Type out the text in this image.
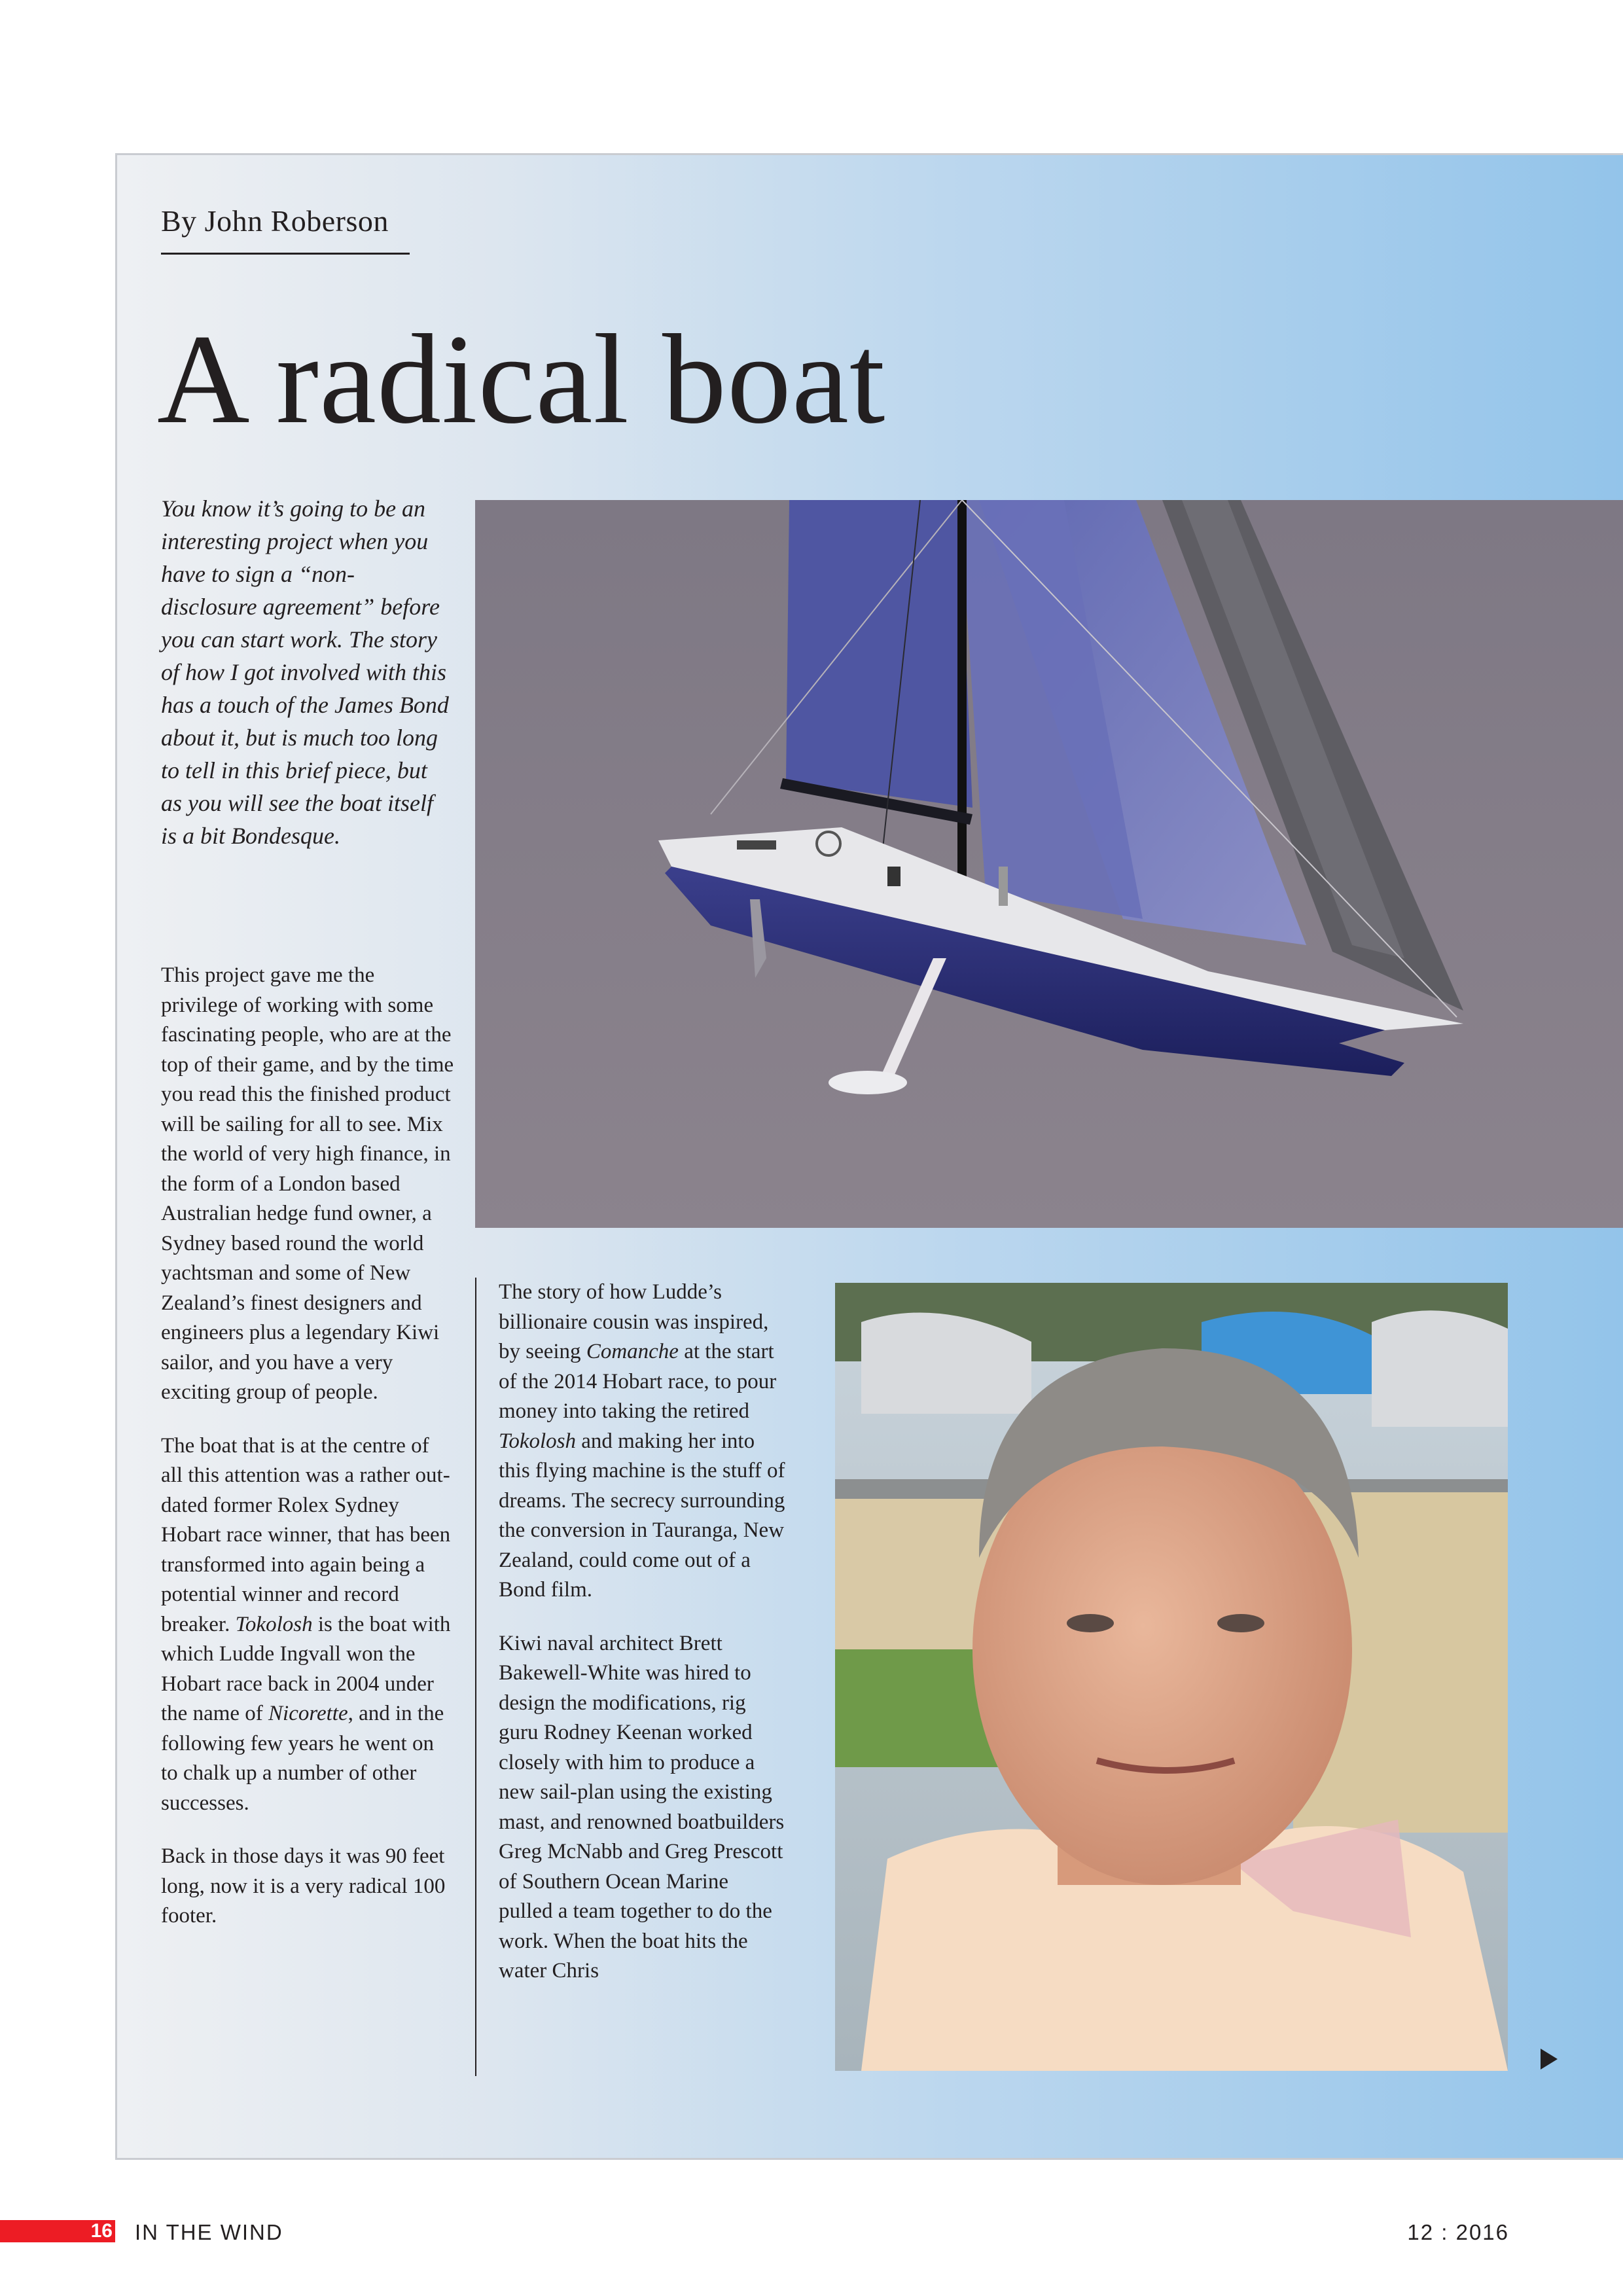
By John Roberson
A radical boat

You know it’s going to be an interesting project when you have to sign a “non-disclosure agreement” before you can start work. The story of how I got involved with this has a touch of the James Bond about it, but is much too long to tell in this brief piece, but as you will see the boat itself is a bit Bondesque.

This project gave me the privilege of working with some fascinating people, who are at the top of their game, and by the time you read this the finished product will be sailing for all to see. Mix the world of very high finance, in the form of a London based Australian hedge fund owner, a Sydney based round the world yachtsman and some of New Zealand’s finest designers and engineers plus a legendary Kiwi sailor, and you have a very exciting group of people.

The boat that is at the centre of all this attention was a rather out-dated former Rolex Sydney Hobart race winner, that has been transformed into again being a potential winner and record breaker. Tokolosh is the boat with which Ludde Ingvall won the Hobart race back in 2004 under the name of Nicorette, and in the following few years he went on to chalk up a number of other successes.

Back in those days it was 90 feet long, now it is a very radical 100 footer.

The story of how Ludde’s billionaire cousin was inspired, by seeing Comanche at the start of the 2014 Hobart race, to pour money into taking the retired Tokolosh and making her into this flying machine is the stuff of dreams. The secrecy surrounding the conversion in Tauranga, New Zealand, could come out of a Bond film.

Kiwi naval architect Brett Bakewell-White was hired to design the modifications, rig guru Rodney Keenan worked closely with him to produce a new sail-plan using the existing mast, and renowned boatbuilders Greg McNabb and Greg Prescott of Southern Ocean Marine pulled a team together to do the work. When the boat hits the water Chris

16 IN THE WIND	12 : 2016
